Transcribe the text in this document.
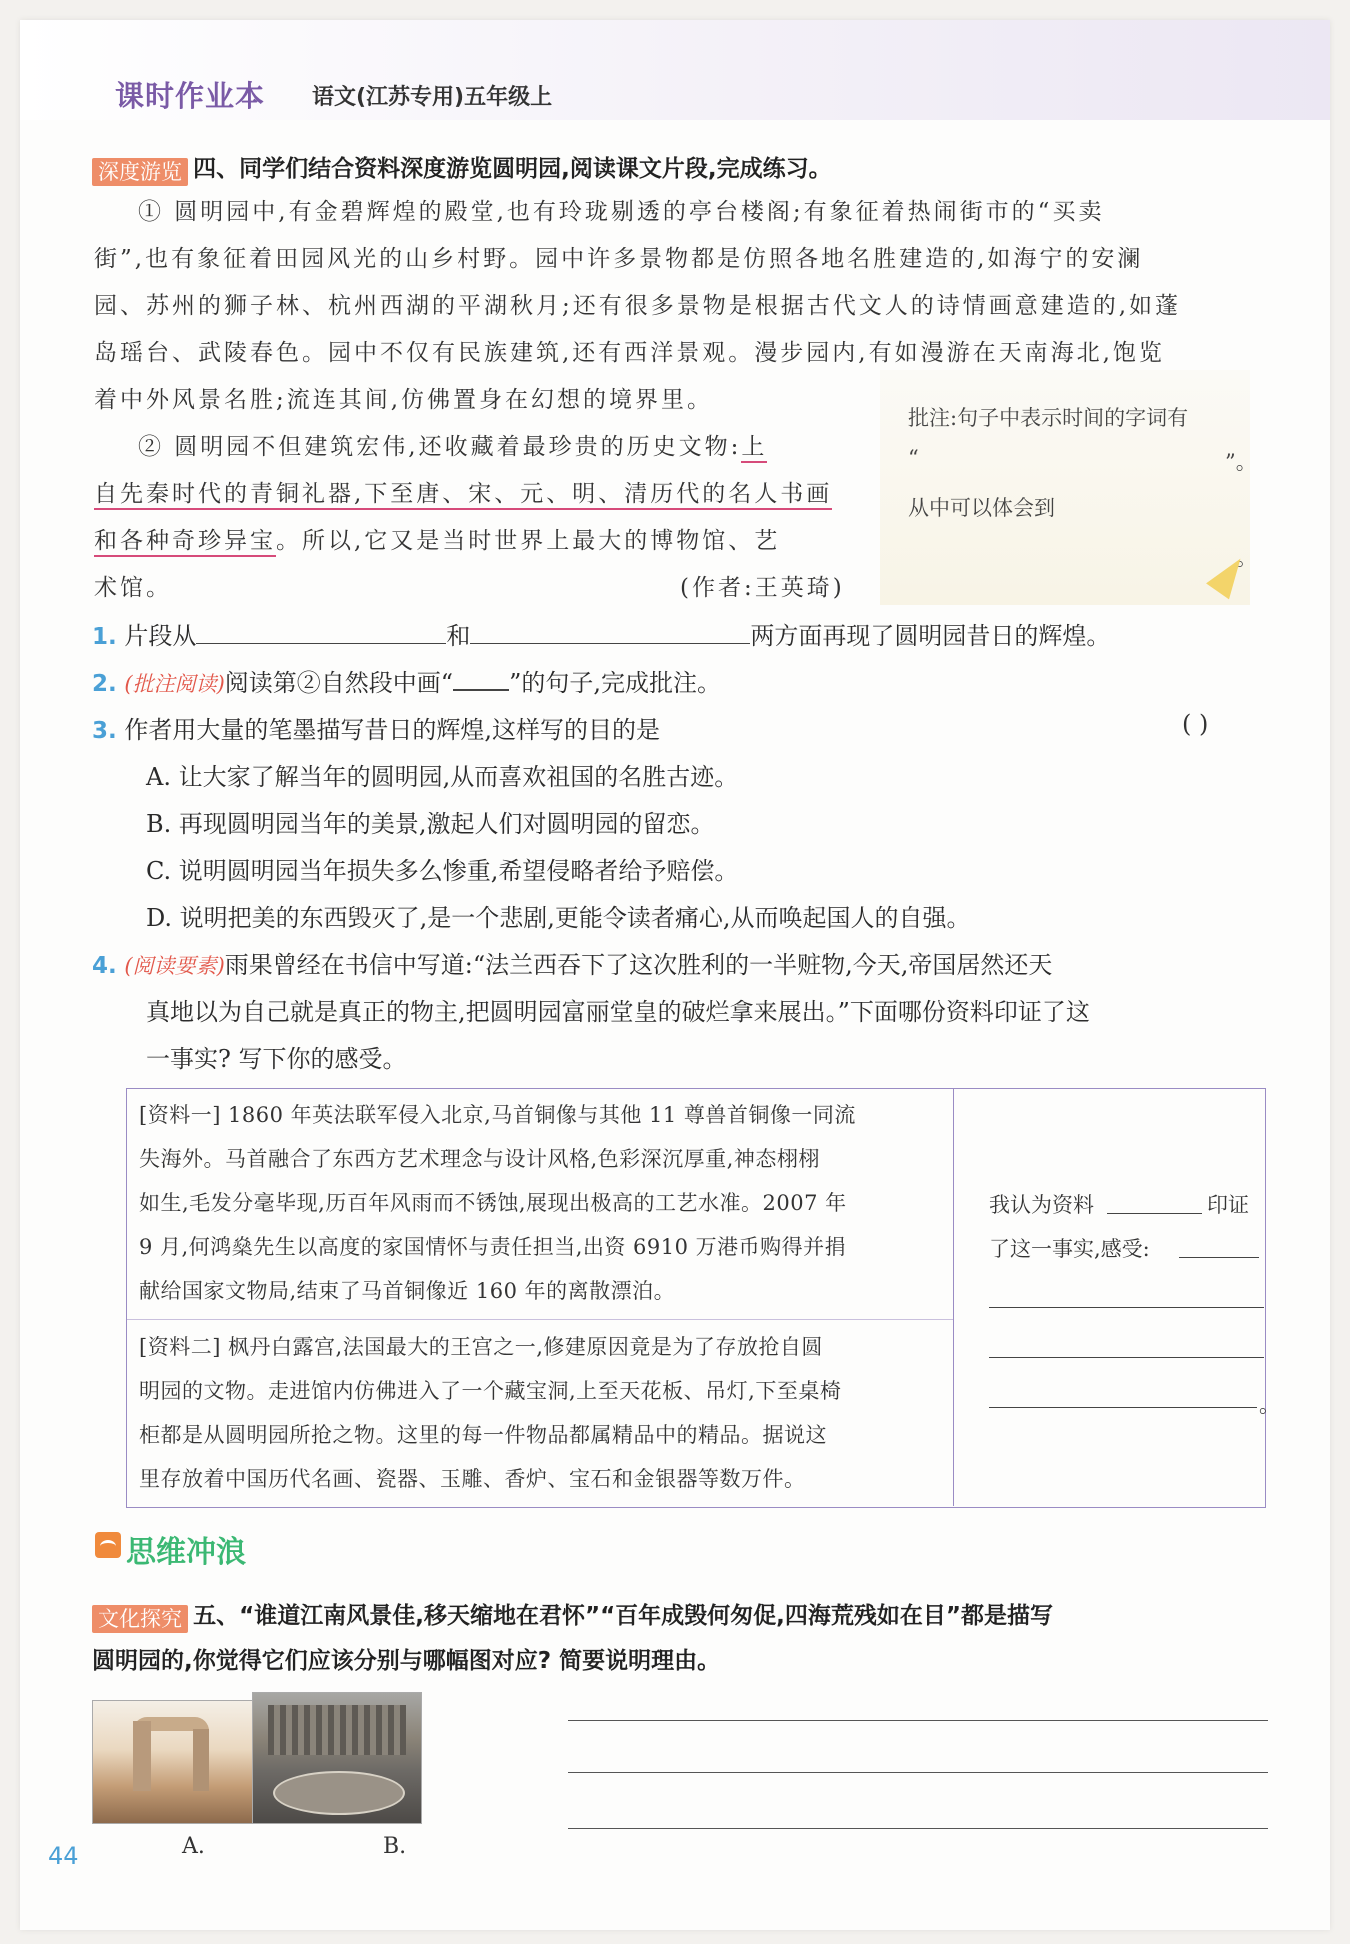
课时作业本 语文(江苏专用)五年级上
深度游览 四、同学们结合资料深度游览圆明园,阅读课文片段,完成练习。
① 圆明园中,有金碧辉煌的殿堂,也有玲珑剔透的亭台楼阁;有象征着热闹街市的“买卖
街”,也有象征着田园风光的山乡村野。园中许多景物都是仿照各地名胜建造的,如海宁的安澜
园、苏州的狮子林、杭州西湖的平湖秋月;还有很多景物是根据古代文人的诗情画意建造的,如蓬
岛瑶台、武陵春色。园中不仅有民族建筑,还有西洋景观。漫步园内,有如漫游在天南海北,饱览
着中外风景名胜;流连其间,仿佛置身在幻想的境界里。
② 圆明园不但建筑宏伟,还收藏着最珍贵的历史文物:上
自先秦时代的青铜礼器,下至唐、宋、元、明、清历代的名人书画
和各种奇珍异宝。所以,它又是当时世界上最大的博物馆、艺
术馆。	(作者:王英琦)
批注:句子中表示时间的字词有
“	”。
从中可以体会到
。
1. 片段从	和	两方面再现了圆明园昔日的辉煌。
2. (批注阅读)阅读第②自然段中画“ ”的句子,完成批注。
3. 作者用大量的笔墨描写昔日的辉煌,这样写的目的是	( )
A. 让大家了解当年的圆明园,从而喜欢祖国的名胜古迹。
B. 再现圆明园当年的美景,激起人们对圆明园的留恋。
C. 说明圆明园当年损失多么惨重,希望侵略者给予赔偿。
D. 说明把美的东西毁灭了,是一个悲剧,更能令读者痛心,从而唤起国人的自强。
4. (阅读要素)雨果曾经在书信中写道:“法兰西吞下了这次胜利的一半赃物,今天,帝国居然还天
真地以为自己就是真正的物主,把圆明园富丽堂皇的破烂拿来展出。”下面哪份资料印证了这
一事实? 写下你的感受。
[资料一] 1860 年英法联军侵入北京,马首铜像与其他 11 尊兽首铜像一同流
失海外。马首融合了东西方艺术理念与设计风格,色彩深沉厚重,神态栩栩
如生,毛发分毫毕现,历百年风雨而不锈蚀,展现出极高的工艺水准。2007 年
9 月,何鸿燊先生以高度的家国情怀与责任担当,出资 6910 万港币购得并捐
献给国家文物局,结束了马首铜像近 160 年的离散漂泊。
[资料二] 枫丹白露宫,法国最大的王宫之一,修建原因竟是为了存放抢自圆
明园的文物。走进馆内仿佛进入了一个藏宝洞,上至天花板、吊灯,下至桌椅
柜都是从圆明园所抢之物。这里的每一件物品都属精品中的精品。据说这
里存放着中国历代名画、瓷器、玉雕、香炉、宝石和金银器等数万件。
我认为资料	印证
了这一事实,感受:
。
思维冲浪
文化探究 五、“谁道江南风景佳,移天缩地在君怀”“百年成毁何匆促,四海荒残如在目”都是描写
圆明园的,你觉得它们应该分别与哪幅图对应? 简要说明理由。
A.	B.
44
